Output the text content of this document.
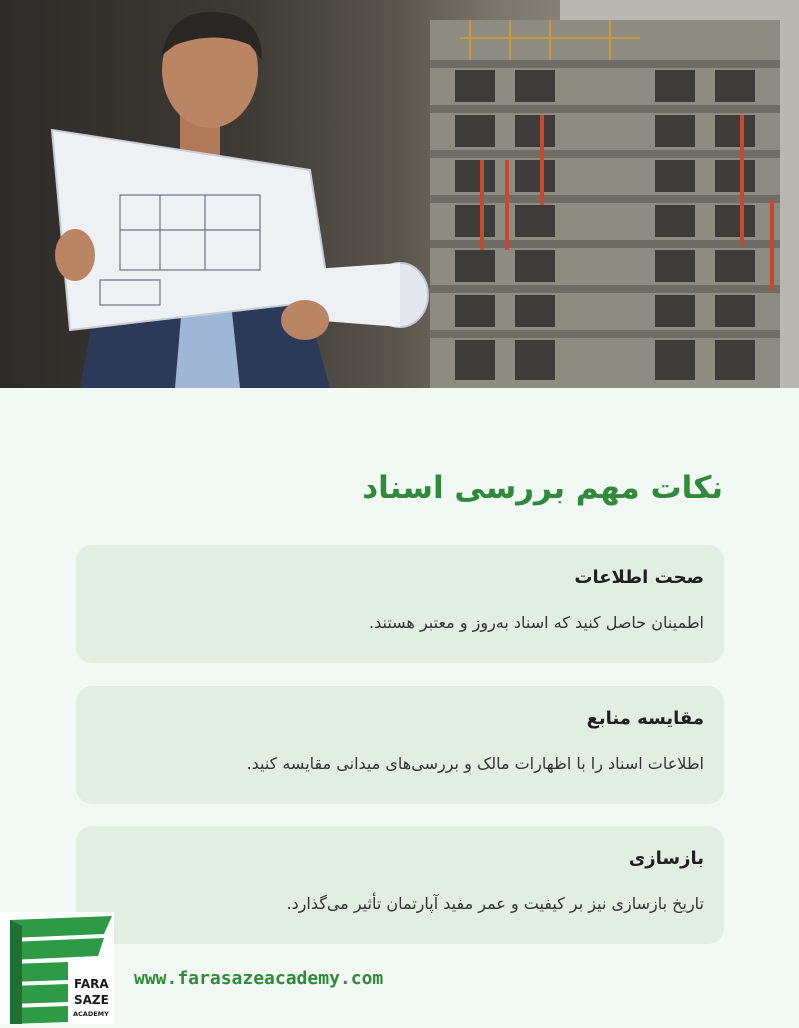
نکات مهم بررسی اسناد

صحت اطلاعات

اطمینان حاصل کنید که اسناد به‌روز و معتبر هستند.

مقایسه منابع

اطلاعات اسناد را با اظهارات مالک و بررسی‌های میدانی مقایسه کنید.

بازسازی

تاریخ بازسازی نیز بر کیفیت و عمر مفید آپارتمان تأثیر می‌گذارد.

FARA
SAZE
ACADEMY
www.farasazeacademy.com
